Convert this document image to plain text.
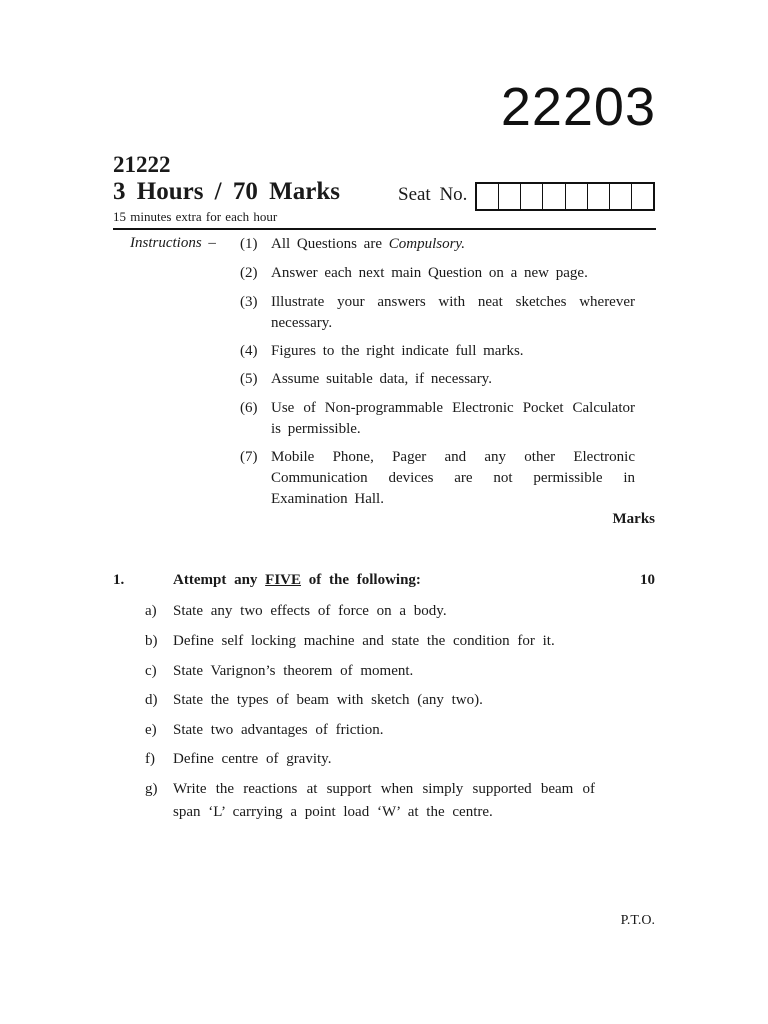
22203
21222
3 Hours / 70 Marks
15 minutes extra for each hour
Seat No.
Instructions – (1) All Questions are Compulsory.
(2) Answer each next main Question on a new page.
(3) Illustrate your answers with neat sketches wherever necessary.
(4) Figures to the right indicate full marks.
(5) Assume suitable data, if necessary.
(6) Use of Non-programmable Electronic Pocket Calculator is permissible.
(7) Mobile Phone, Pager and any other Electronic Communication devices are not permissible in Examination Hall.
Marks
1.	Attempt any FIVE of the following:	10
a)	State any two effects of force on a body.
b)	Define self locking machine and state the condition for it.
c)	State Varignon’s theorem of moment.
d)	State the types of beam with sketch (any two).
e)	State two advantages of friction.
f)	Define centre of gravity.
g)	Write the reactions at support when simply supported beam of span ‘L’ carrying a point load ‘W’ at the centre.
P.T.O.
